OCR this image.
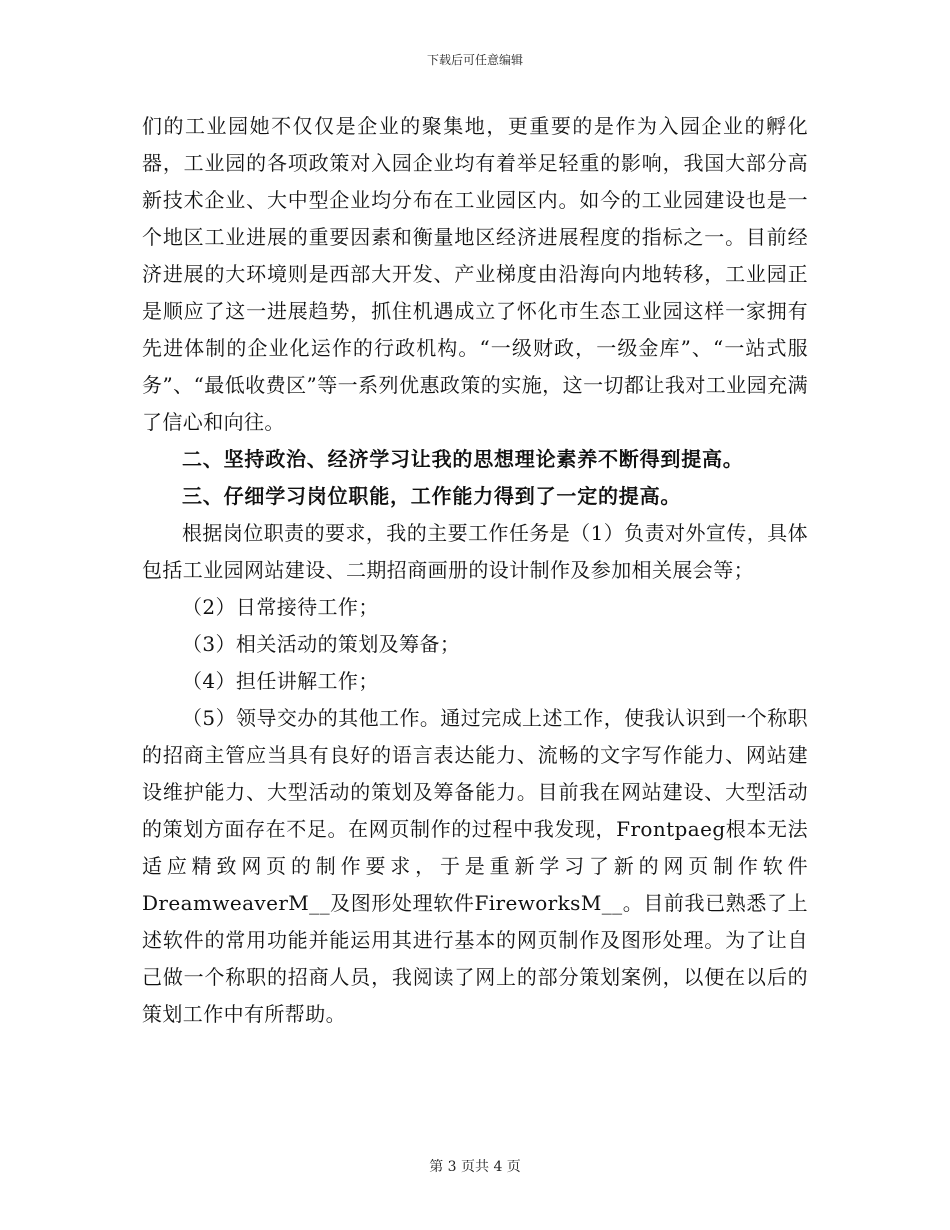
下载后可任意编辑

们的工业园她不仅仅是企业的聚集地，更重要的是作为入园企业的孵化器，工业园的各项政策对入园企业均有着举足轻重的影响，我国大部分高新技术企业、大中型企业均分布在工业园区内。如今的工业园建设也是一个地区工业进展的重要因素和衡量地区经济进展程度的指标之一。目前经济进展的大环境则是西部大开发、产业梯度由沿海向内地转移，工业园正是顺应了这一进展趋势，抓住机遇成立了怀化市生态工业园这样一家拥有先进体制的企业化运作的行政机构。“一级财政，一级金库”、“一站式服务”、“最低收费区”等一系列优惠政策的实施，这一切都让我对工业园充满了信心和向往。

二、坚持政治、经济学习让我的思想理论素养不断得到提高。

三、仔细学习岗位职能，工作能力得到了一定的提高。

根据岗位职责的要求，我的主要工作任务是（1）负责对外宣传，具体包括工业园网站建设、二期招商画册的设计制作及参加相关展会等；

（2）日常接待工作；

（3）相关活动的策划及筹备；

（4）担任讲解工作；

（5）领导交办的其他工作。通过完成上述工作，使我认识到一个称职的招商主管应当具有良好的语言表达能力、流畅的文字写作能力、网站建设维护能力、大型活动的策划及筹备能力。目前我在网站建设、大型活动的策划方面存在不足。在网页制作的过程中我发现，Frontpaeg根本无法适应精致网页的制作要求，于是重新学习了新的网页制作软件DreamweaverM__及图形处理软件FireworksM__。目前我已熟悉了上述软件的常用功能并能运用其进行基本的网页制作及图形处理。为了让自己做一个称职的招商人员，我阅读了网上的部分策划案例，以便在以后的策划工作中有所帮助。

第 3 页共 4 页
